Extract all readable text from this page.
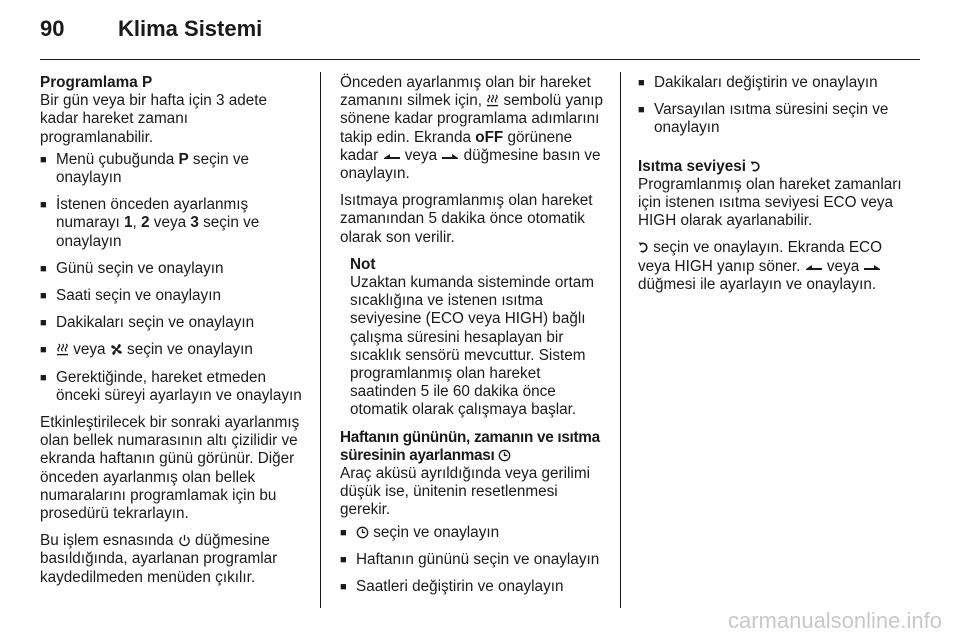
90	Klima Sistemi

Programlama P

Bir gün veya bir hafta için 3 adete kadar hareket zamanı programlanabilir.

■ Menü çubuğunda P seçin ve onaylayın
■ İstenen önceden ayarlanmış numarayı 1, 2 veya 3 seçin ve onaylayın
■ Günü seçin ve onaylayın
■ Saati seçin ve onaylayın
■ Dakikaları seçin ve onaylayın
■	veya  seçin ve onaylayın
■ Gerektiğinde, hareket etmeden önceki süreyi ayarlayın ve onaylayın

Etkinleştirilecek bir sonraki ayarlanmış olan bellek numarasının altı çizilidir ve ekranda haftanın günü görünür. Diğer önceden ayarlanmış olan bellek numaralarını programlamak için bu prosedürü tekrarlayın.

Bu işlem esnasında  düğmesine basıldığında, ayarlanan programlar kaydedilmeden menüden çıkılır.

Önceden ayarlanmış olan bir hareket zamanını silmek için,  sembolü yanıp sönene kadar programlama adımlarını takip edin. Ekranda oFF görünene kadar  veya  düğmesine basın ve onaylayın.

Isıtmaya programlanmış olan hareket zamanından 5 dakika önce otomatik olarak son verilir.

Not

Uzaktan kumanda sisteminde ortam sıcaklığına ve istenen ısıtma seviyesine (ECO veya HIGH) bağlı çalışma süresini hesaplayan bir sıcaklık sensörü mevcuttur. Sistem programlanmış olan hareket saatinden 5 ile 60 dakika önce otomatik olarak çalışmaya başlar.

Haftanın gününün, zamanın ve ısıtma süresinin ayarlanması

Araç aküsü ayrıldığında veya gerilimi düşük ise, ünitenin resetlenmesi gerekir.

■	seçin ve onaylayın
■ Haftanın gününü seçin ve onaylayın
■ Saatleri değiştirin ve onaylayın
■ Dakikaları değiştirin ve onaylayın
■ Varsayılan ısıtma süresini seçin ve onaylayın

Isıtma seviyesi

Programlanmış olan hareket zamanları için istenen ısıtma seviyesi ECO veya HIGH olarak ayarlanabilir.

seçin ve onaylayın. Ekranda ECO veya HIGH yanıp söner.  veya  düğmesi ile ayarlayın ve onaylayın.

carmanualsonline.info
